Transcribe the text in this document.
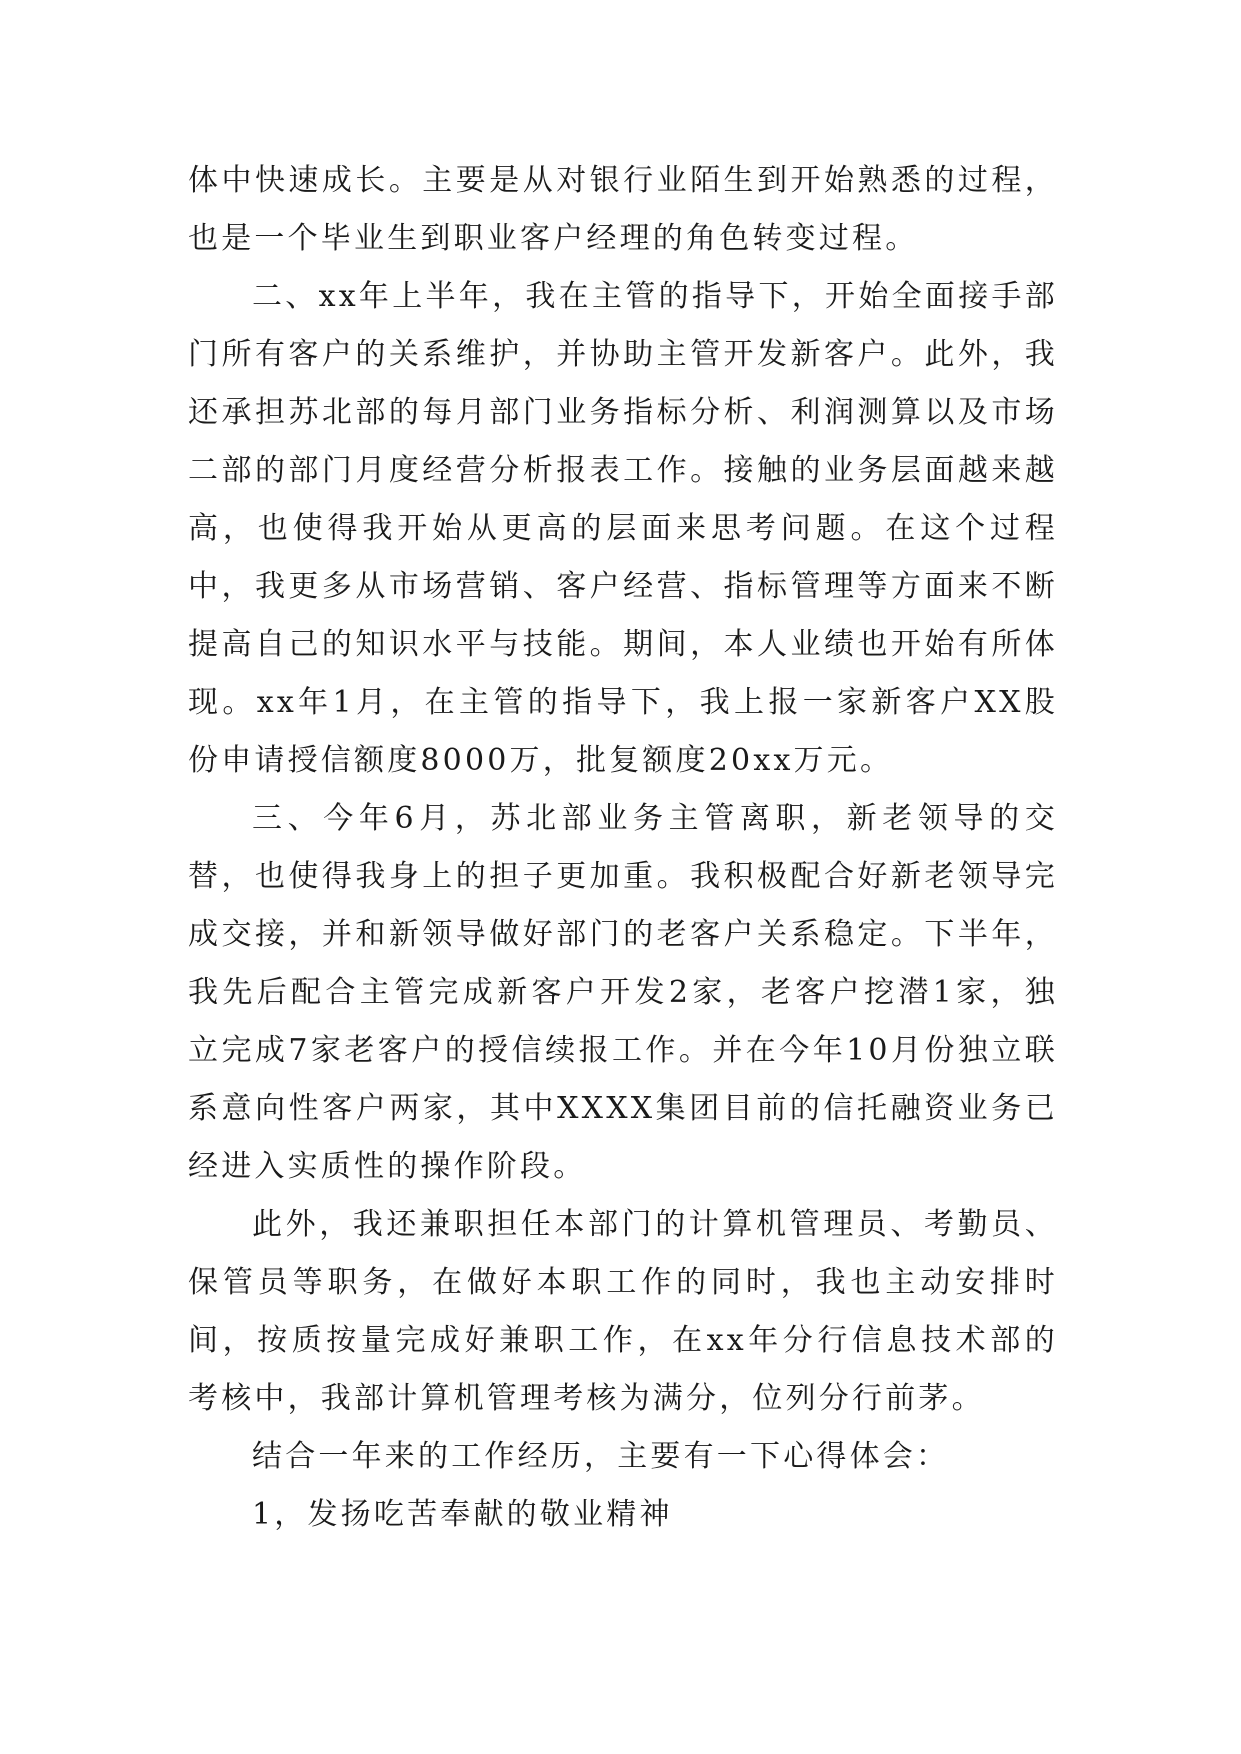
体中快速成长。主要是从对银行业陌生到开始熟悉的过程，也是一个毕业生到职业客户经理的角色转变过程。

二、xx年上半年，我在主管的指导下，开始全面接手部门所有客户的关系维护，并协助主管开发新客户。此外，我还承担苏北部的每月部门业务指标分析、利润测算以及市场二部的部门月度经营分析报表工作。接触的业务层面越来越高，也使得我开始从更高的层面来思考问题。在这个过程中，我更多从市场营销、客户经营、指标管理等方面来不断提高自己的知识水平与技能。期间，本人业绩也开始有所体现。xx年1月，在主管的指导下，我上报一家新客户XX股份申请授信额度8000万，批复额度20xx万元。

三、今年6月，苏北部业务主管离职，新老领导的交替，也使得我身上的担子更加重。我积极配合好新老领导完成交接，并和新领导做好部门的老客户关系稳定。下半年，我先后配合主管完成新客户开发2家，老客户挖潜1家，独立完成7家老客户的授信续报工作。并在今年10月份独立联系意向性客户两家，其中XXXX集团目前的信托融资业务已经进入实质性的操作阶段。

此外，我还兼职担任本部门的计算机管理员、考勤员、保管员等职务，在做好本职工作的同时，我也主动安排时间，按质按量完成好兼职工作，在xx年分行信息技术部的考核中，我部计算机管理考核为满分，位列分行前茅。

结合一年来的工作经历，主要有一下心得体会：

1，发扬吃苦奉献的敬业精神
